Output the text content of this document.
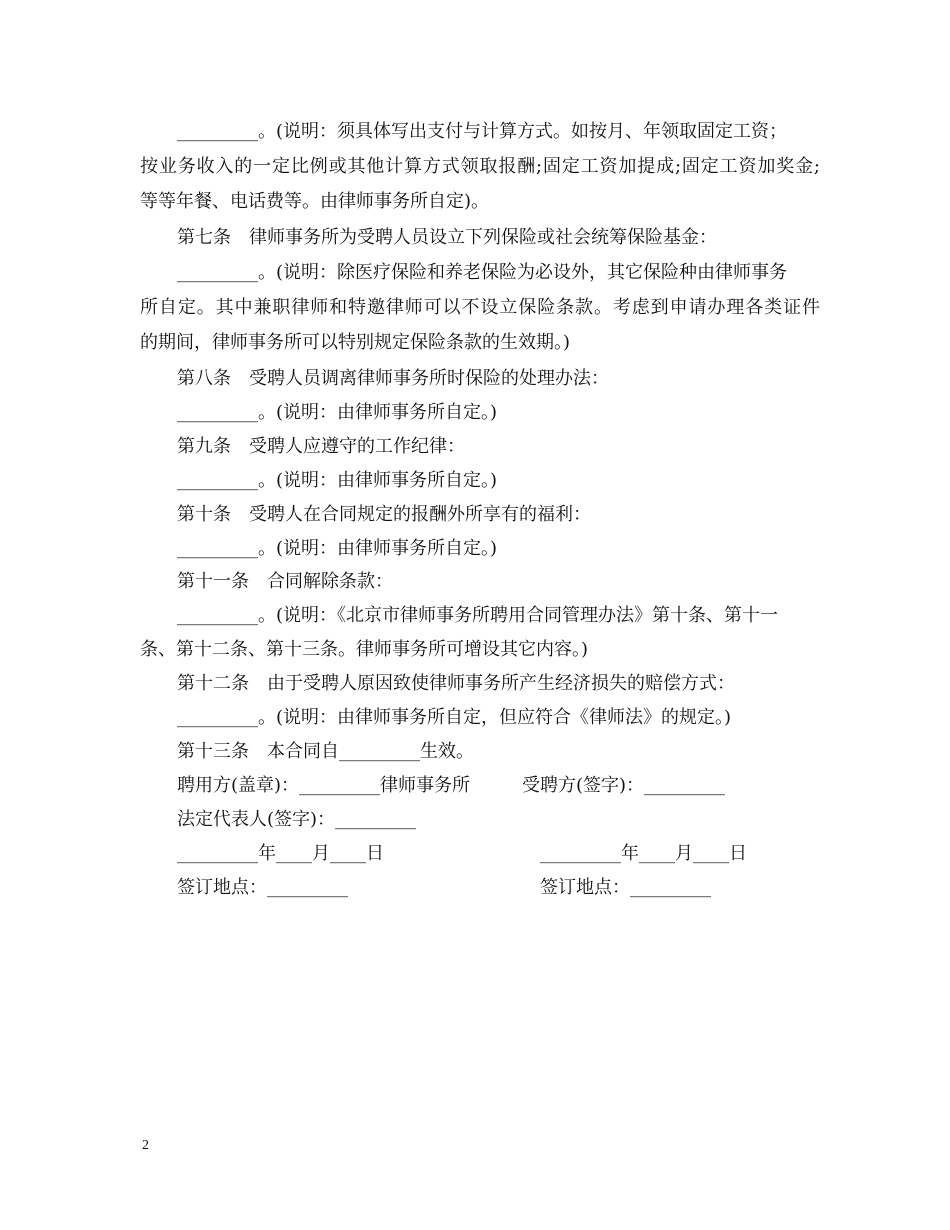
_________。(说明：须具体写出支付与计算方式。如按月、年领取固定工资；
按业务收入的一定比例或其他计算方式领取报酬;固定工资加提成;固定工资加奖金;
等等年餐、电话费等。由律师事务所自定)。
第七条　律师事务所为受聘人员设立下列保险或社会统筹保险基金：
_________。(说明：除医疗保险和养老保险为必设外，其它保险种由律师事务
所自定。其中兼职律师和特邀律师可以不设立保险条款。考虑到申请办理各类证件
的期间，律师事务所可以特别规定保险条款的生效期。)
第八条　受聘人员调离律师事务所时保险的处理办法：
_________。(说明：由律师事务所自定。)
第九条　受聘人应遵守的工作纪律：
_________。(说明：由律师事务所自定。)
第十条　受聘人在合同规定的报酬外所享有的福利：
_________。(说明：由律师事务所自定。)
第十一条　合同解除条款：
_________。(说明：《北京市律师事务所聘用合同管理办法》第十条、第十一
条、第十二条、第十三条。律师事务所可增设其它内容。)
第十二条　由于受聘人原因致使律师事务所产生经济损失的赔偿方式：
_________。(说明：由律师事务所自定，但应符合《律师法》的规定。)
第十三条　本合同自_________生效。
聘用方(盖章)：_________律师事务所	受聘方(签字)：_________
法定代表人(签字)：_________
_________年____月____日	_________年____月____日
签订地点：_________	签订地点：_________
2
